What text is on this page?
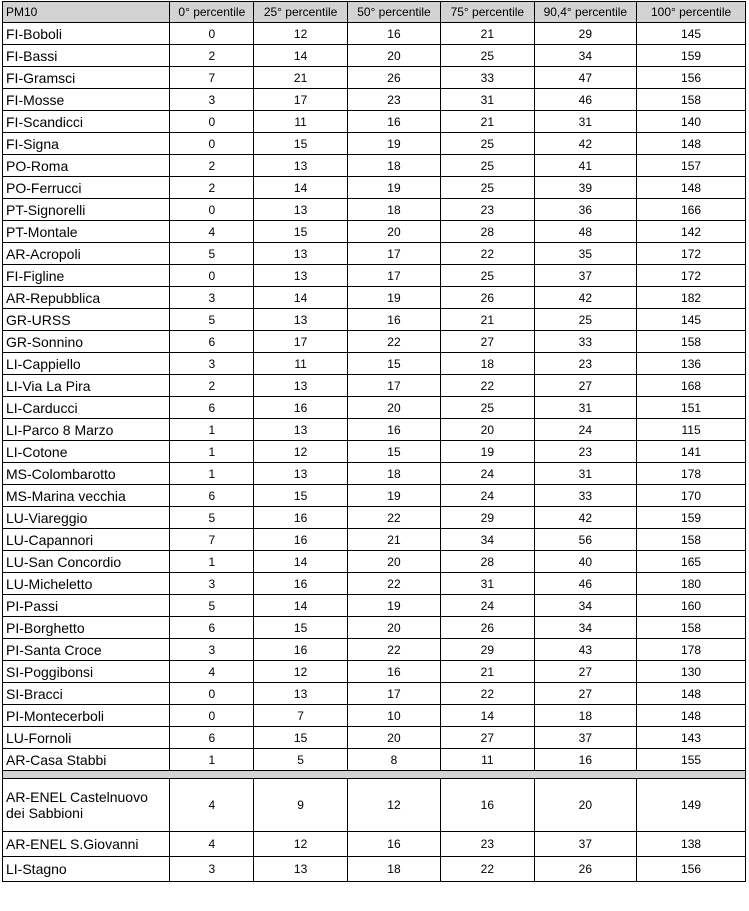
PM10	0° percentile	25° percentile	50° percentile	75° percentile	90,4° percentile	100° percentile
FI-Boboli	0	12	16	21	29	145
FI-Bassi	2	14	20	25	34	159
FI-Gramsci	7	21	26	33	47	156
FI-Mosse	3	17	23	31	46	158
FI-Scandicci	0	11	16	21	31	140
FI-Signa	0	15	19	25	42	148
PO-Roma	2	13	18	25	41	157
PO-Ferrucci	2	14	19	25	39	148
PT-Signorelli	0	13	18	23	36	166
PT-Montale	4	15	20	28	48	142
AR-Acropoli	5	13	17	22	35	172
FI-Figline	0	13	17	25	37	172
AR-Repubblica	3	14	19	26	42	182
GR-URSS	5	13	16	21	25	145
GR-Sonnino	6	17	22	27	33	158
LI-Cappiello	3	11	15	18	23	136
LI-Via La Pira	2	13	17	22	27	168
LI-Carducci	6	16	20	25	31	151
LI-Parco 8 Marzo	1	13	16	20	24	115
LI-Cotone	1	12	15	19	23	141
MS-Colombarotto	1	13	18	24	31	178
MS-Marina vecchia	6	15	19	24	33	170
LU-Viareggio	5	16	22	29	42	159
LU-Capannori	7	16	21	34	56	158
LU-San Concordio	1	14	20	28	40	165
LU-Micheletto	3	16	22	31	46	180
PI-Passi	5	14	19	24	34	160
PI-Borghetto	6	15	20	26	34	158
PI-Santa Croce	3	16	22	29	43	178
SI-Poggibonsi	4	12	16	21	27	130
SI-Bracci	0	13	17	22	27	148
PI-Montecerboli	0	7	10	14	18	148
LU-Fornoli	6	15	20	27	37	143
AR-Casa Stabbi	1	5	8	11	16	155

AR-ENEL Castelnuovo dei Sabbioni	4	9	12	16	20	149
AR-ENEL S.Giovanni	4	12	16	23	37	138
LI-Stagno	3	13	18	22	26	156
